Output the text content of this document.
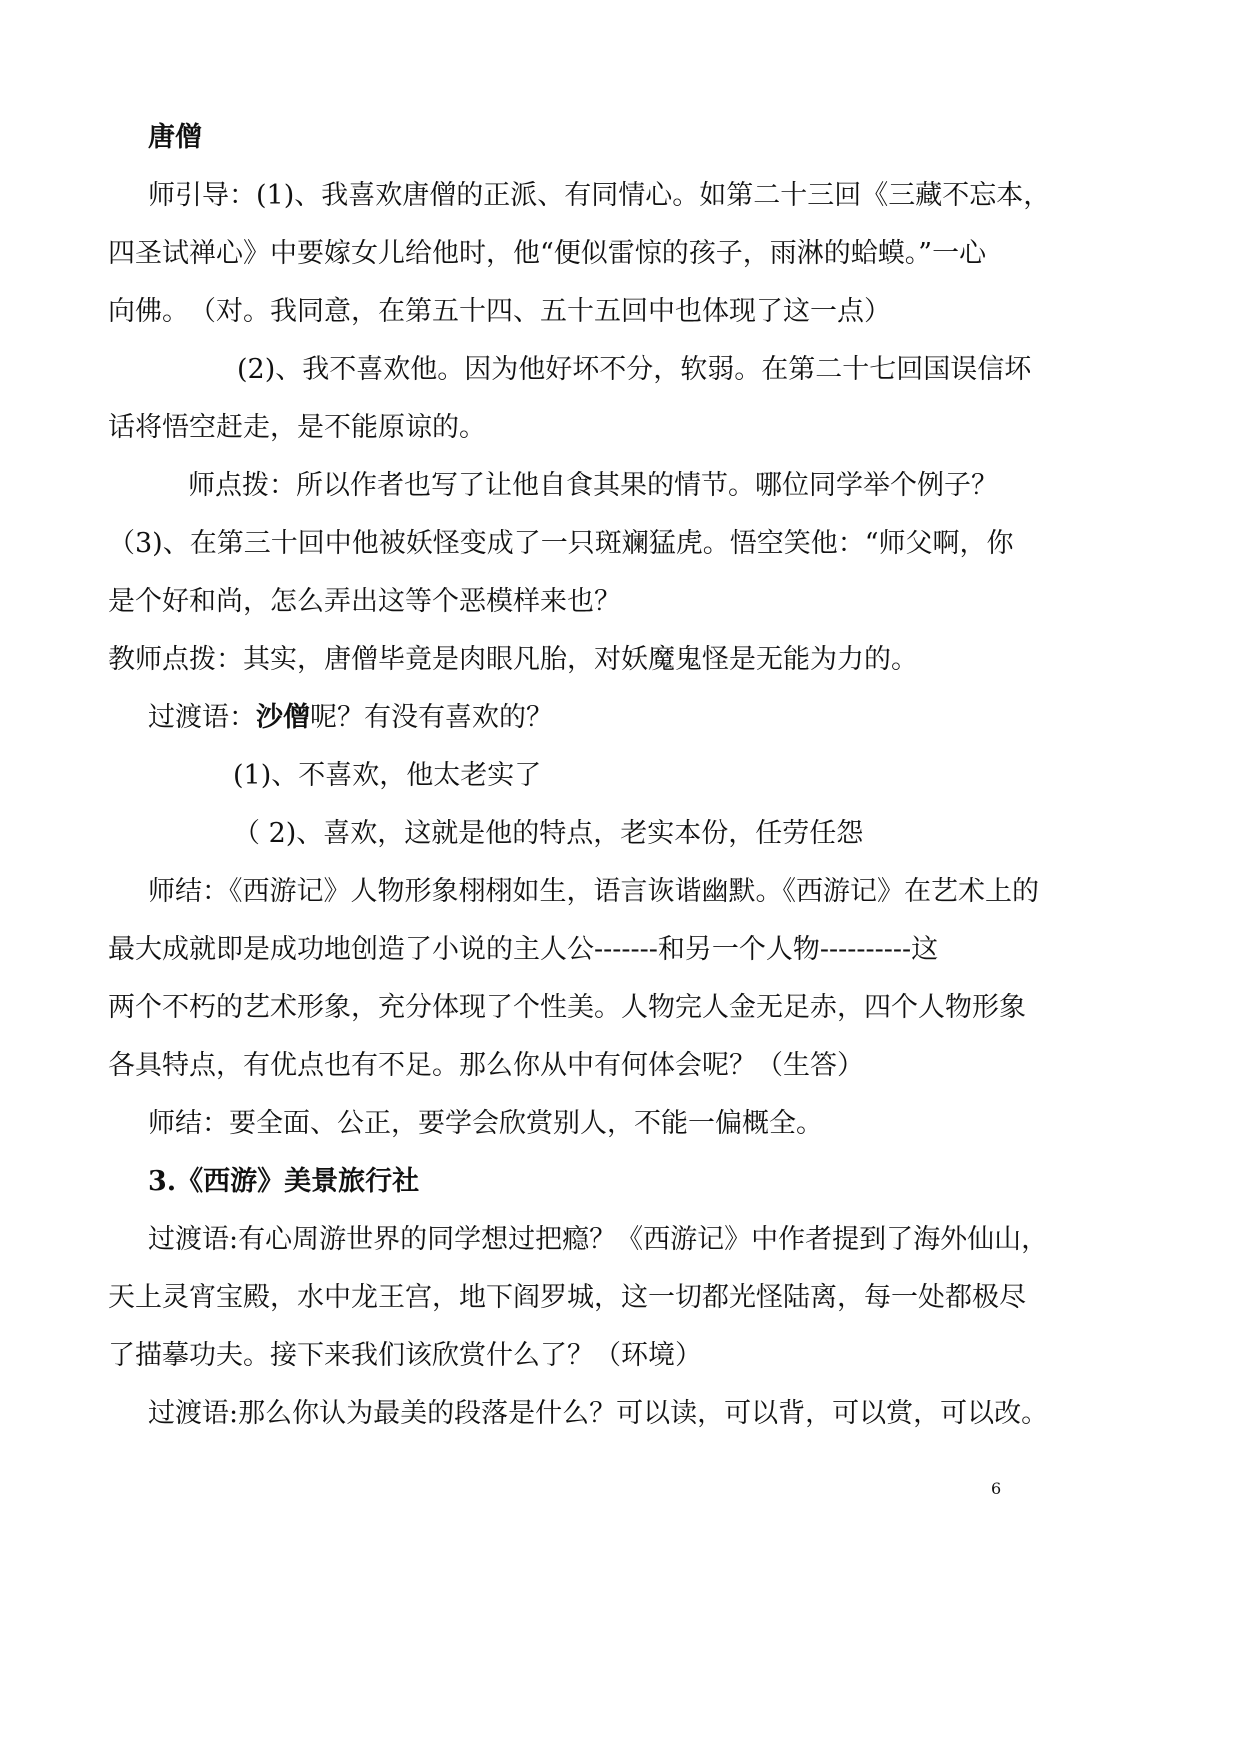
唐僧
师引导：(1)、我喜欢唐僧的正派、有同情心。如第二十三回《三藏不忘本，
四圣试禅心》中要嫁女儿给他时，他“便似雷惊的孩子，雨淋的蛤蟆。”一心
向佛。　（对。我同意，在第五十四、五十五回中也体现了这一点）
(2)、我不喜欢他。因为他好坏不分，软弱。在第二十七回国误信坏
话将悟空赶走，是不能原谅的。
师点拨：所以作者也写了让他自食其果的情节。哪位同学举个例子？
（3)、在第三十回中他被妖怪变成了一只斑斓猛虎。悟空笑他：“师父啊，你
是个好和尚，怎么弄出这等个恶模样来也？
教师点拨：其实，唐僧毕竟是肉眼凡胎，对妖魔鬼怪是无能为力的。
过渡语：沙僧呢？有没有喜欢的？
(1)、不喜欢，他太老实了
（ 2)、喜欢，这就是他的特点，老实本份，任劳任怨
师结：《西游记》人物形象栩栩如生，语言诙谐幽默。《西游记》在艺术上的
最大成就即是成功地创造了小说的主人公-------和另一个人物----------这
两个不朽的艺术形象，充分体现了个性美。人物完人金无足赤，四个人物形象
各具特点，有优点也有不足。那么你从中有何体会呢？（生答）
师结：要全面、公正，要学会欣赏别人，不能一偏概全。
3.《西游》美景旅行社
过渡语:有心周游世界的同学想过把瘾？《西游记》中作者提到了海外仙山，
天上灵宵宝殿，水中龙王宫，地下阎罗城，这一切都光怪陆离，每一处都极尽
了描摹功夫。接下来我们该欣赏什么了？（环境）
过渡语:那么你认为最美的段落是什么？可以读，可以背，可以赏，可以改。
6
